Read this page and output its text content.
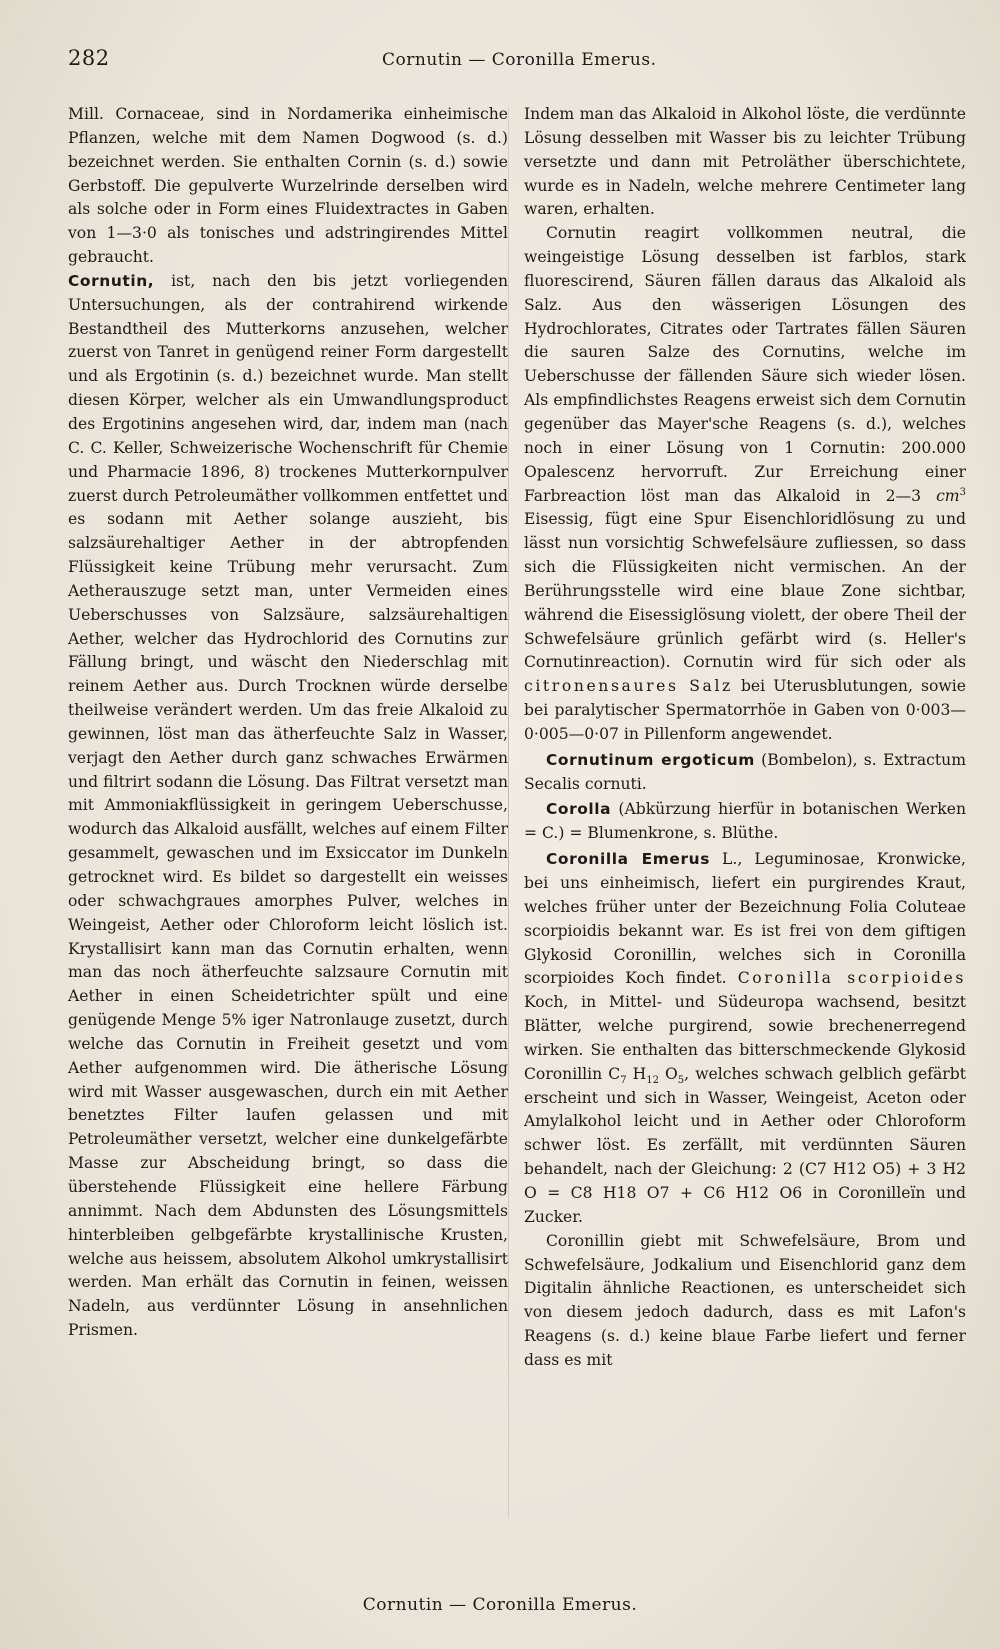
282	Cornutin — Coronilla Emerus.

Mill. Cornaceae, sind in Nordamerika einheimische Pflanzen, welche mit dem Namen Dogwood (s. d.) bezeichnet werden. Sie enthalten Cornin (s. d.) sowie Gerbstoff. Die gepulverte Wurzelrinde derselben wird als solche oder in Form eines Fluidextractes in Gaben von 1—3·0 als tonisches und adstringirendes Mittel gebraucht.

Cornutin, ist, nach den bis jetzt vorliegenden Untersuchungen, als der contrahirend wirkende Bestandtheil des Mutterkorns anzusehen, welcher zuerst von Tanret in genügend reiner Form dargestellt und als Ergotinin (s. d.) bezeichnet wurde. Man stellt diesen Körper, welcher als ein Umwandlungsproduct des Ergotinins angesehen wird, dar, indem man (nach C. C. Keller, Schweizerische Wochenschrift für Chemie und Pharmacie 1896, 8) trockenes Mutterkornpulver zuerst durch Petroleumäther vollkommen entfettet und es sodann mit Aether solange auszieht, bis salzsäurehaltiger Aether in der abtropfenden Flüssigkeit keine Trübung mehr verursacht. Zum Aetherauszuge setzt man, unter Vermeiden eines Ueberschusses von Salzsäure, salzsäurehaltigen Aether, welcher das Hydrochlorid des Cornutins zur Fällung bringt, und wäscht den Niederschlag mit reinem Aether aus. Durch Trocknen würde derselbe theilweise verändert werden. Um das freie Alkaloid zu gewinnen, löst man das ätherfeuchte Salz in Wasser, verjagt den Aether durch ganz schwaches Erwärmen und filtrirt sodann die Lösung. Das Filtrat versetzt man mit Ammoniakflüssigkeit in geringem Ueberschusse, wodurch das Alkaloid ausfällt, welches auf einem Filter gesammelt, gewaschen und im Exsiccator im Dunkeln getrocknet wird. Es bildet so dargestellt ein weisses oder schwachgraues amorphes Pulver, welches in Weingeist, Aether oder Chloroform leicht löslich ist. Krystallisirt kann man das Cornutin erhalten, wenn man das noch ätherfeuchte salzsaure Cornutin mit Aether in einen Scheidetrichter spült und eine genügende Menge 5% iger Natronlauge zusetzt, durch welche das Cornutin in Freiheit gesetzt und vom Aether aufgenommen wird. Die ätherische Lösung wird mit Wasser ausgewaschen, durch ein mit Aether benetztes Filter laufen gelassen und mit Petroleumäther versetzt, welcher eine dunkelgefärbte Masse zur Abscheidung bringt, so dass die überstehende Flüssigkeit eine hellere Färbung annimmt. Nach dem Abdunsten des Lösungsmittels hinterbleiben gelbgefärbte krystallinische Krusten, welche aus heissem, absolutem Alkohol umkrystallisirt werden. Man erhält das Cornutin in feinen, weissen Nadeln, aus verdünnter Lösung in ansehnlichen Prismen.

Indem man das Alkaloid in Alkohol löste, die verdünnte Lösung desselben mit Wasser bis zu leichter Trübung versetzte und dann mit Petroläther überschichtete, wurde es in Nadeln, welche mehrere Centimeter lang waren, erhalten.

Cornutin reagirt vollkommen neutral, die weingeistige Lösung desselben ist farblos, stark fluorescirend, Säuren fällen daraus das Alkaloid als Salz. Aus den wässerigen Lösungen des Hydrochlorates, Citrates oder Tartrates fällen Säuren die sauren Salze des Cornutins, welche im Ueberschusse der fällenden Säure sich wieder lösen. Als empfindlichstes Reagens erweist sich dem Cornutin gegenüber das Mayer'sche Reagens (s. d.), welches noch in einer Lösung von 1 Cornutin: 200.000 Opalescenz hervorruft. Zur Erreichung einer Farbreaction löst man das Alkaloid in 2—3 $cm^3$ Eisessig, fügt eine Spur Eisenchloridlösung zu und lässt nun vorsichtig Schwefelsäure zufliessen, so dass sich die Flüssigkeiten nicht vermischen. An der Berührungsstelle wird eine blaue Zone sichtbar, während die Eisessiglösung violett, der obere Theil der Schwefelsäure grünlich gefärbt wird (s. Heller's Cornutinreaction). Cornutin wird für sich oder als citronensaures Salz bei Uterusblutungen, sowie bei paralytischer Spermatorrhöe in Gaben von 0·003—0·005—0·07 in Pillenform angewendet.

Cornutinum ergoticum (Bombelon), s. Extractum Secalis cornuti.

Corolla (Abkürzung hierfür in botanischen Werken = C.) = Blumenkrone, s. Blüthe.

Coronilla Emerus L., Leguminosae, Kronwicke, bei uns einheimisch, liefert ein purgirendes Kraut, welches früher unter der Bezeichnung Folia Coluteae scorpioidis bekannt war. Es ist frei von dem giftigen Glykosid Coronillin, welches sich in Coronilla scorpioides Koch findet. Coronilla scorpioides Koch, in Mittel- und Südeuropa wachsend, besitzt Blätter, welche purgirend, sowie brechenerregend wirken. Sie enthalten das bitterschmeckende Glykosid Coronillin $C_7$ $H_{12}$ $O_5$, welches schwach gelblich gefärbt erscheint und sich in Wasser, Weingeist, Aceton oder Amylalkohol leicht und in Aether oder Chloroform schwer löst. Es zerfällt, mit verdünnten Säuren behandelt, nach der Gleichung: 2 (C7 H12 O5) + 3 H2 O = C8 H18 O7 + C6 H12 O6 in Coronilleïn und Zucker.

Coronillin giebt mit Schwefelsäure, Brom und Schwefelsäure, Jodkalium und Eisenchlorid ganz dem Digitalin ähnliche Reactionen, es unterscheidet sich von diesem jedoch dadurch, dass es mit Lafon's Reagens (s. d.) keine blaue Farbe liefert und ferner dass es mit

Cornutin — Coronilla Emerus.
